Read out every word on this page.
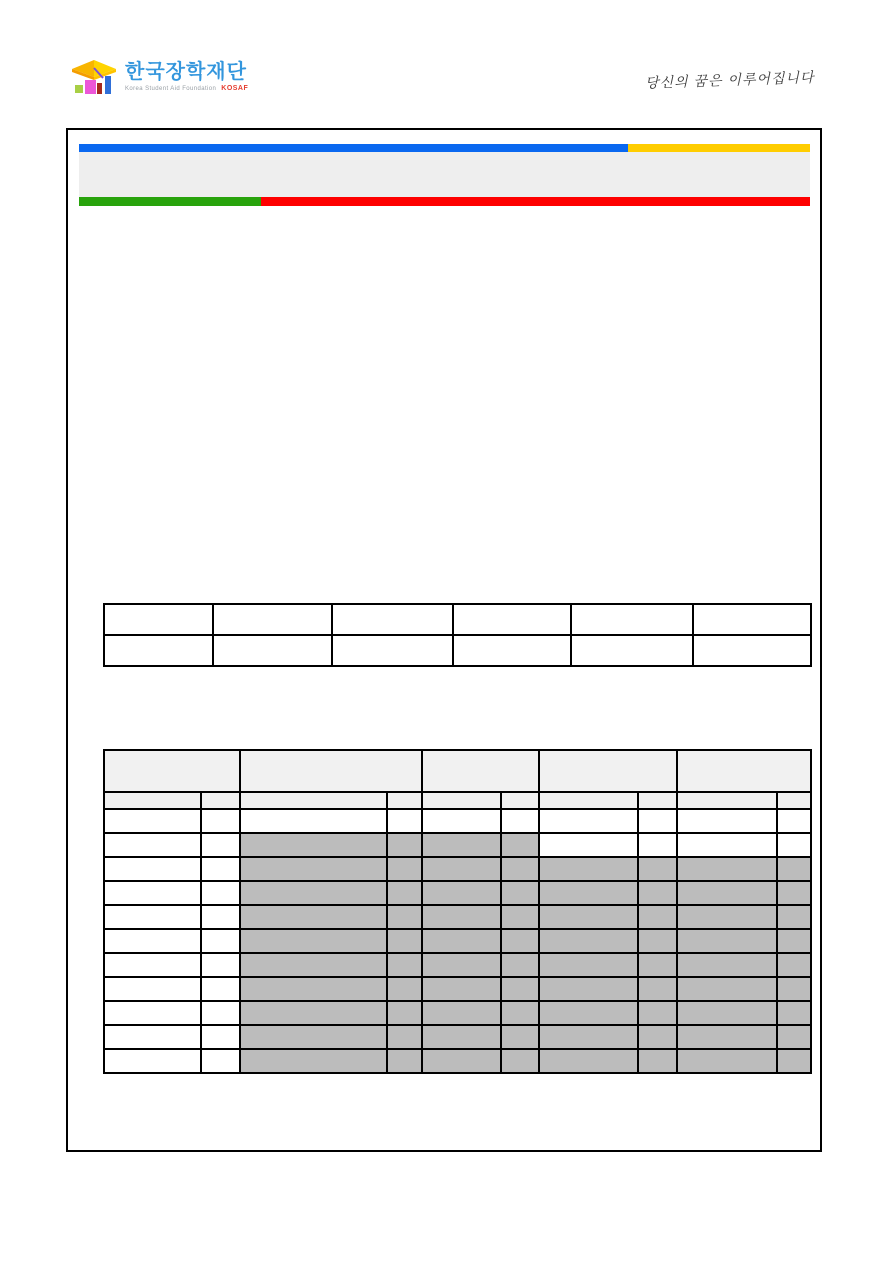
한국장학재단
Korea Student Aid Foundation KOSAF	당신의 꿈은 이루어집니다
